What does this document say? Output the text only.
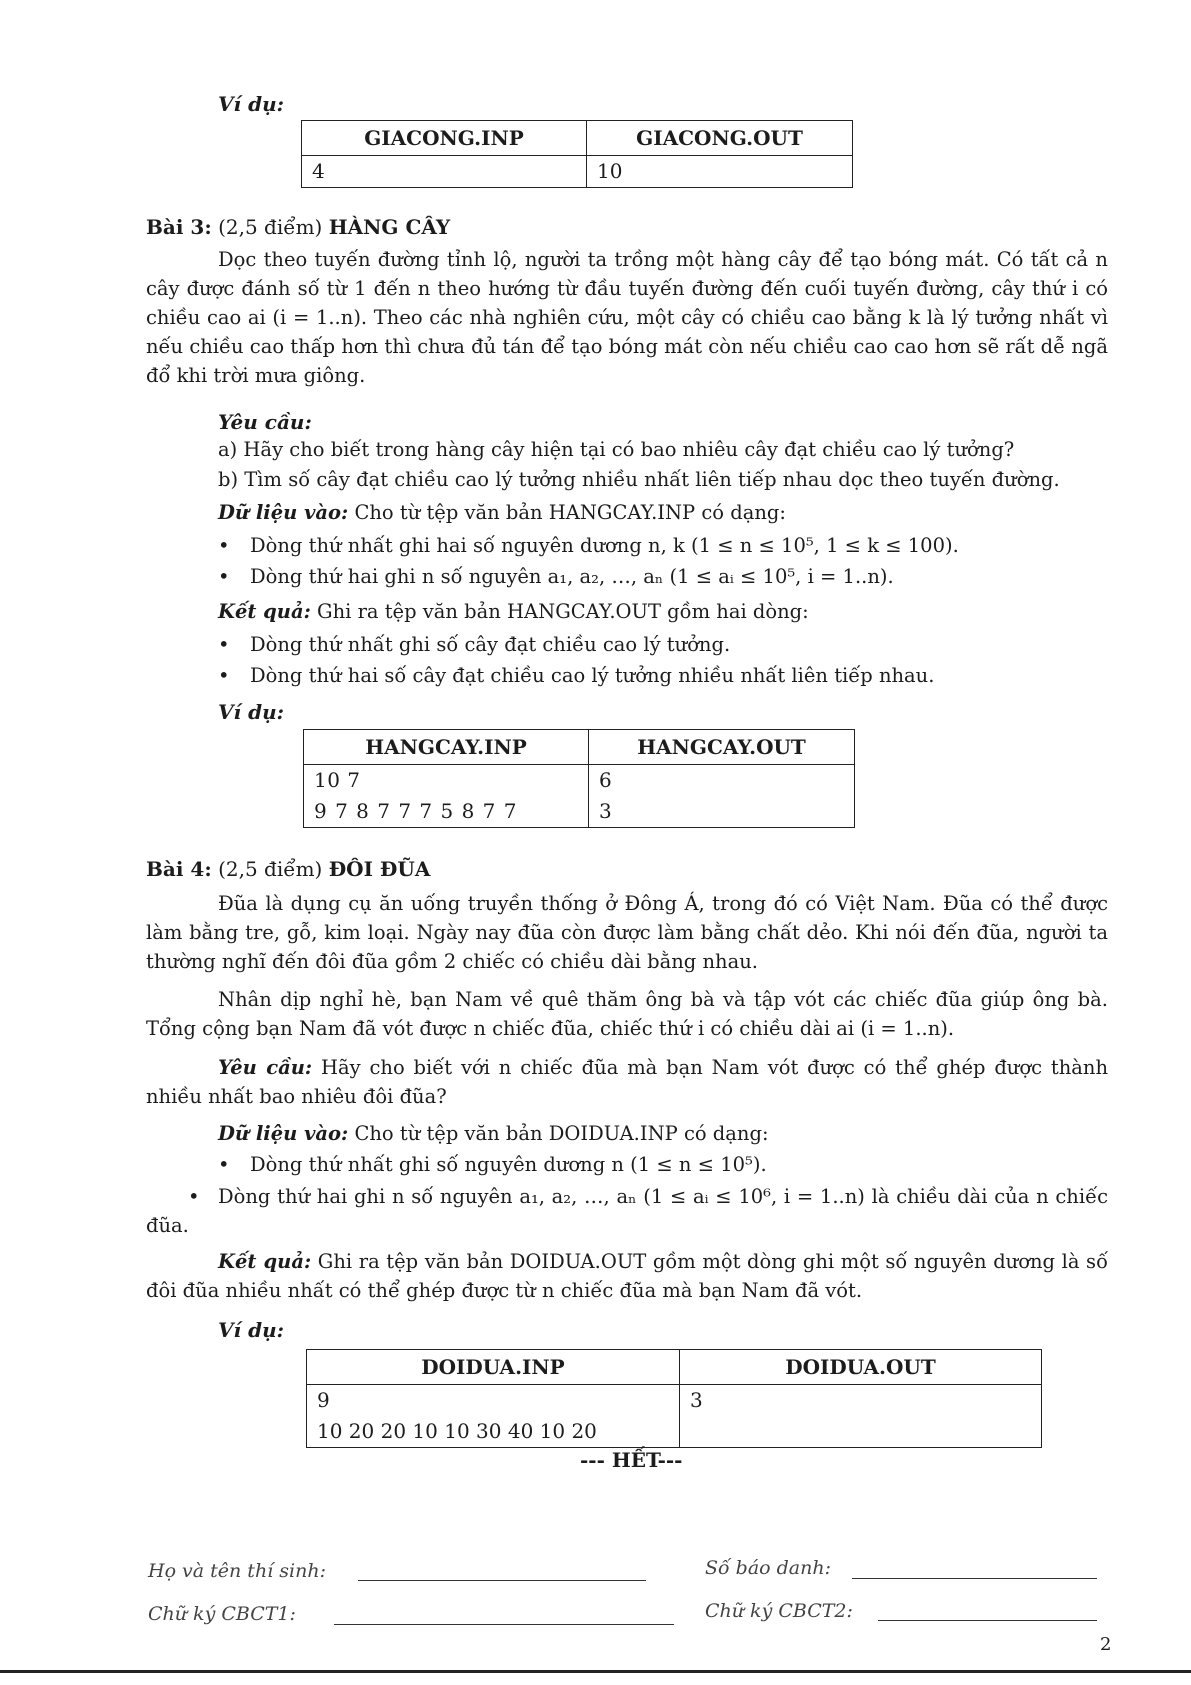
Ví dụ:

GIACONG.INP	GIACONG.OUT
4	10

Bài 3: (2,5 điểm) HÀNG CÂY

Dọc theo tuyến đường tỉnh lộ, người ta trồng một hàng cây để tạo bóng mát. Có tất cả n cây được đánh số từ 1 đến n theo hướng từ đầu tuyến đường đến cuối tuyến đường, cây thứ i có chiều cao ai (i = 1..n). Theo các nhà nghiên cứu, một cây có chiều cao bằng k là lý tưởng nhất vì nếu chiều cao thấp hơn thì chưa đủ tán để tạo bóng mát còn nếu chiều cao cao hơn sẽ rất dễ ngã đổ khi trời mưa giông.

Yêu cầu:

a) Hãy cho biết trong hàng cây hiện tại có bao nhiêu cây đạt chiều cao lý tưởng?

b) Tìm số cây đạt chiều cao lý tưởng nhiều nhất liên tiếp nhau dọc theo tuyến đường.

Dữ liệu vào: Cho từ tệp văn bản HANGCAY.INP có dạng:

• Dòng thứ nhất ghi hai số nguyên dương n, k (1 ≤ n ≤ 10⁵, 1 ≤ k ≤ 100).
• Dòng thứ hai ghi n số nguyên a₁, a₂, …, aₙ (1 ≤ aᵢ ≤ 10⁵, i = 1..n).

Kết quả: Ghi ra tệp văn bản HANGCAY.OUT gồm hai dòng:

• Dòng thứ nhất ghi số cây đạt chiều cao lý tưởng.
• Dòng thứ hai số cây đạt chiều cao lý tưởng nhiều nhất liên tiếp nhau.

Ví dụ:

HANGCAY.INP	HANGCAY.OUT
10 7	6
9 7 8 7 7 7 5 8 7 7	3

Bài 4: (2,5 điểm) ĐÔI ĐŨA

Đũa là dụng cụ ăn uống truyền thống ở Đông Á, trong đó có Việt Nam. Đũa có thể được làm bằng tre, gỗ, kim loại. Ngày nay đũa còn được làm bằng chất dẻo. Khi nói đến đũa, người ta thường nghĩ đến đôi đũa gồm 2 chiếc có chiều dài bằng nhau.

Nhân dịp nghỉ hè, bạn Nam về quê thăm ông bà và tập vót các chiếc đũa giúp ông bà. Tổng cộng bạn Nam đã vót được n chiếc đũa, chiếc thứ i có chiều dài ai (i = 1..n).

Yêu cầu: Hãy cho biết với n chiếc đũa mà bạn Nam vót được có thể ghép được thành nhiều nhất bao nhiêu đôi đũa?

Dữ liệu vào: Cho từ tệp văn bản DOIDUA.INP có dạng:

• Dòng thứ nhất ghi số nguyên dương n (1 ≤ n ≤ 10⁵).

• Dòng thứ hai ghi n số nguyên a₁, a₂, …, aₙ (1 ≤ aᵢ ≤ 10⁶, i = 1..n) là chiều dài của n chiếc đũa.

Kết quả: Ghi ra tệp văn bản DOIDUA.OUT gồm một dòng ghi một số nguyên dương là số đôi đũa nhiều nhất có thể ghép được từ n chiếc đũa mà bạn Nam đã vót.

Ví dụ:

DOIDUA.INP	DOIDUA.OUT
9	3
10 20 20 10 10 30 40 10 20	

--- HẾT---

Họ và tên thí sinh:	Số báo danh:

Chữ ký CBCT1:	Chữ ký CBCT2:

2
